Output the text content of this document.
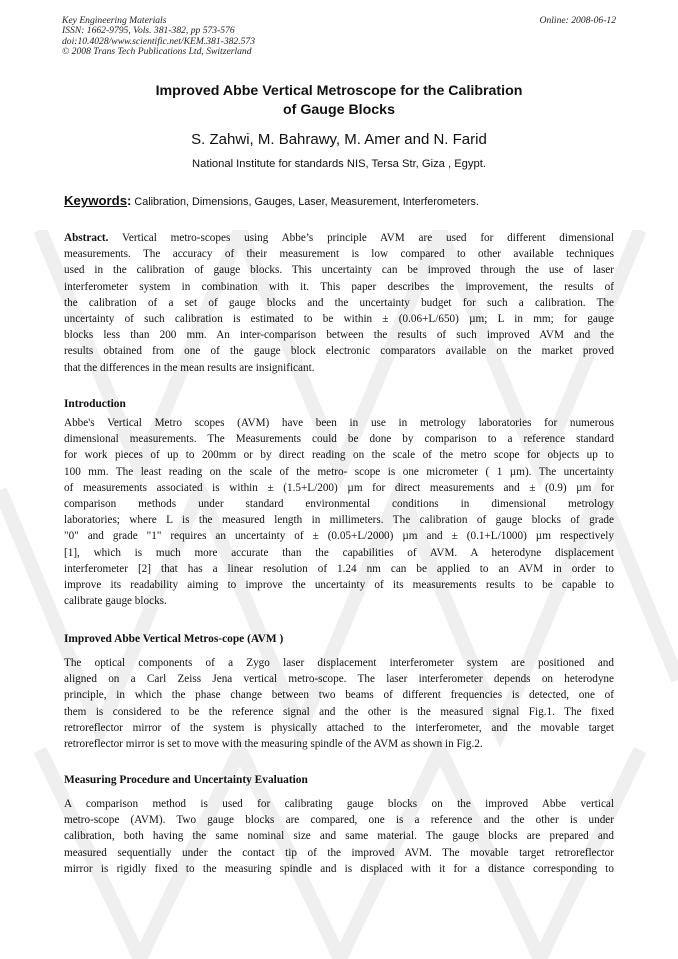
Key Engineering Materials
ISSN: 1662-9795, Vols. 381-382, pp 573-576
doi:10.4028/www.scientific.net/KEM.381-382.573
© 2008 Trans Tech Publications Ltd, Switzerland
Online: 2008-06-12
Improved Abbe Vertical Metroscope for the Calibration
of Gauge Blocks
S. Zahwi, M. Bahrawy, M. Amer and N. Farid
National Institute for standards NIS, Tersa Str, Giza , Egypt.
Keywords: Calibration, Dimensions, Gauges, Laser, Measurement, Interferometers.
Abstract. Vertical metro-scopes using Abbe’s principle AVM are used for different dimensional
measurements. The accuracy of their measurement is low compared to other available techniques
used in the calibration of gauge blocks. This uncertainty can be improved through the use of laser
interferometer system in combination with it. This paper describes the improvement, the results of
the calibration of a set of gauge blocks and the uncertainty budget for such a calibration. The
uncertainty of such calibration is estimated to be within ± (0.06+L/650) µm; L in mm; for gauge
blocks less than 200 mm. An inter-comparison between the results of such improved AVM and the
results obtained from one of the gauge block electronic comparators available on the market proved
that the differences in the mean results are insignificant.
Introduction
Abbe's Vertical Metro scopes (AVM) have been in use in metrology laboratories for numerous
dimensional measurements. The Measurements could be done by comparison to a reference standard
for work pieces of up to 200mm or by direct reading on the scale of the metro scope for objects up to
100 mm. The least reading on the scale of the metro- scope is one micrometer ( 1 µm). The uncertainty
of measurements associated is within ± (1.5+L/200) µm for direct measurements and ± (0.9) µm for
comparison methods under standard environmental conditions in dimensional metrology
laboratories; where L is the measured length in millimeters. The calibration of gauge blocks of grade
"0" and grade "1" requires an uncertainty of ± (0.05+L/2000) µm and ± (0.1+L/1000) µm respectively
[1], which is much more accurate than the capabilities of AVM. A heterodyne displacement
interferometer [2] that has a linear resolution of 1.24 nm can be applied to an AVM in order to
improve its readability aiming to improve the uncertainty of its measurements results to be capable to
calibrate gauge blocks.
Improved Abbe Vertical Metros-cope (AVM )
The optical components of a Zygo laser displacement interferometer system are positioned and
aligned on a Carl Zeiss Jena vertical metro-scope. The laser interferometer depends on heterodyne
principle, in which the phase change between two beams of different frequencies is detected, one of
them is considered to be the reference signal and the other is the measured signal Fig.1. The fixed
retroreflector mirror of the system is physically attached to the interferometer, and the movable target
retroreflector mirror is set to move with the measuring spindle of the AVM as shown in Fig.2.
Measuring Procedure and Uncertainty Evaluation
A comparison method is used for calibrating gauge blocks on the improved Abbe vertical
metro-scope (AVM). Two gauge blocks are compared, one is a reference and the other is under
calibration, both having the same nominal size and same material. The gauge blocks are prepared and
measured sequentially under the contact tip of the improved AVM. The movable target retroreflector
mirror is rigidly fixed to the measuring spindle and is displaced with it for a distance corresponding to
